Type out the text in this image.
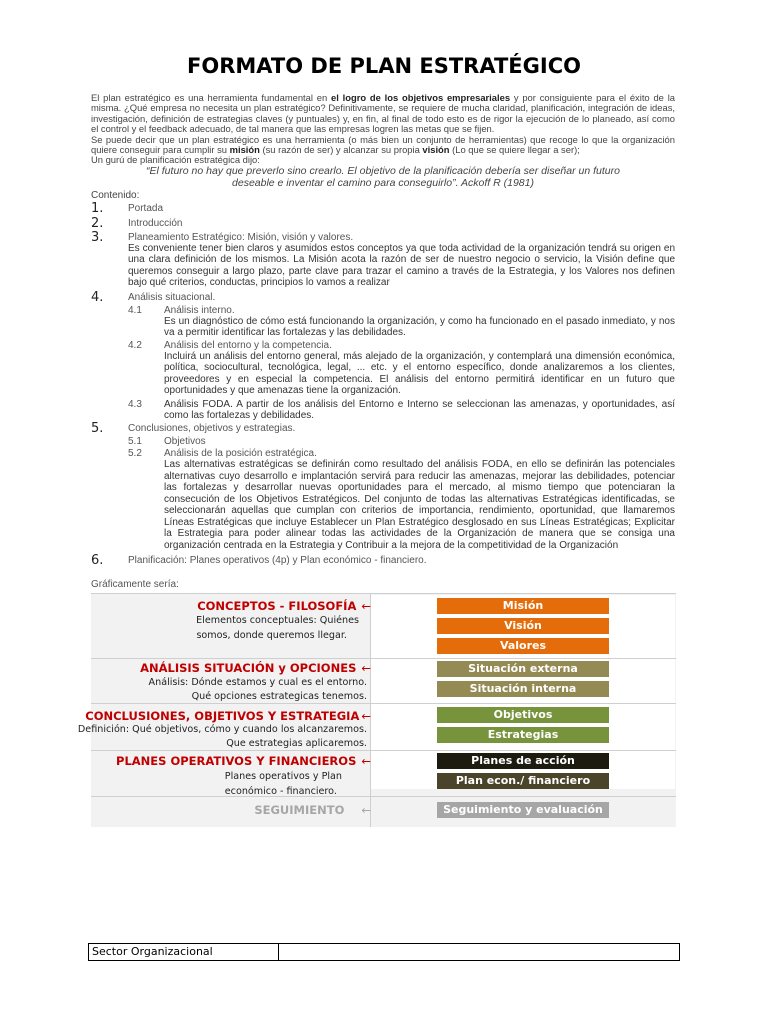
FORMATO DE PLAN ESTRATÉGICO
El plan estratégico es una herramienta fundamental en el logro de los objetivos empresariales y por consiguiente para el éxito de la misma. ¿Qué empresa no necesita un plan estratégico? Definitivamente, se requiere de mucha claridad, planificación, integración de ideas, investigación, definición de estrategias claves (y puntuales) y, en fin, al final de todo esto es de rigor la ejecución de lo planeado, así como el control y el feedback adecuado, de tal manera que las empresas logren las metas que se fijen.
Se puede decir que un plan estratégico es una herramienta (o más bien un conjunto de herramientas) que recoge lo que la organización quiere conseguir para cumplir su misión (su razón de ser) y alcanzar su propia visión (Lo que se quiere llegar a ser);
Un gurú de planificación estratégica dijo:
“El futuro no hay que preverlo sino crearlo. El objetivo de la planificación debería ser diseñar un futuro
deseable e inventar el camino para conseguirlo”. Ackoff R (1981)
Contenido:
1. Portada
2. Introducción
3. Planeamiento Estratégico: Misión, visión y valores.
Es conveniente tener bien claros y asumidos estos conceptos ya que toda actividad de la organización tendrá su origen en una clara definición de los mismos. La Misión acota la razón de ser de nuestro negocio o servicio, la Visión define que queremos conseguir a largo plazo, parte clave para trazar el camino a través de la Estrategia, y los Valores nos definen bajo qué criterios, conductas, principios lo vamos a realizar
4. Análisis situacional.
4.1 Análisis interno.
Es un diagnóstico de cómo está funcionando la organización, y como ha funcionado en el pasado inmediato, y nos va a permitir identificar las fortalezas y las debilidades.
4.2 Análisis del entorno y la competencia.
Incluirá un análisis del entorno general, más alejado de la organización, y contemplará una dimensión económica, política, sociocultural, tecnológica, legal, ... etc. y el entorno específico, donde analizaremos a los clientes, proveedores y en especial la competencia. El análisis del entorno permitirá identificar en un futuro que oportunidades y que amenazas tiene la organización.
4.3 Análisis FODA. A partir de los análisis del Entorno e Interno se seleccionan las amenazas, y oportunidades, así como las fortalezas y debilidades.
5. Conclusiones, objetivos y estrategias.
5.1 Objetivos
5.2 Análisis de la posición estratégica.
Las alternativas estratégicas se definirán como resultado del análisis FODA, en ello se definirán las potenciales alternativas cuyo desarrollo e implantación servirá para reducir las amenazas, mejorar las debilidades, potenciar las fortalezas y desarrollar nuevas oportunidades para el mercado, al mismo tiempo que potenciaran la consecución de los Objetivos Estratégicos. Del conjunto de todas las alternativas Estratégicas identificadas, se seleccionarán aquellas que cumplan con criterios de importancia, rendimiento, oportunidad, que llamaremos Líneas Estratégicas que incluye Establecer un Plan Estratégico desglosado en sus Líneas Estratégicas; Explicitar la Estrategia para poder alinear todas las actividades de la Organización de manera que se consiga una organización centrada en la Estrategia y Contribuir a la mejora de la competitividad de la Organización
6. Planificación: Planes operativos (4p) y Plan económico - financiero.
Gráficamente sería:
CONCEPTOS - FILOSOFÍA ←
Elementos conceptuales: Quiénes
somos, donde queremos llegar.
ANÁLISIS SITUACIÓN y OPCIONES ←
Análisis: Dónde estamos y cual es el entorno.
Qué opciones estrategicas tenemos.
CONCLUSIONES, OBJETIVOS Y ESTRATEGIA ←
Definición: Qué objetivos, cómo y cuando los alcanzaremos.
Que estrategias aplicaremos.
PLANES OPERATIVOS Y FINANCIEROS ←
Planes operativos y Plan
económico - financiero.
SEGUIMIENTO ←
Misión
Visión
Valores
Situación externa
Situación interna
Objetivos
Estrategias
Planes de acción
Plan econ./ financiero
Seguimiento y evaluación
Sector Organizacional
